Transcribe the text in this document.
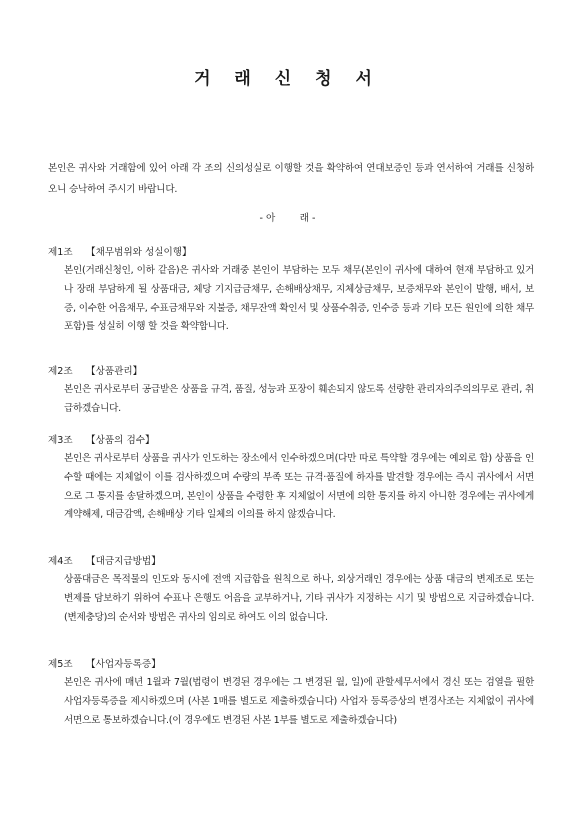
거 래 신 청 서

본인은 귀사와 거래함에 있어 아래 각 조의 신의성실로 이행할 것을 확약하여 연대보증인 등과 연서하여 거래를 신청하오니 승낙하여 주시기 바랍니다.

- 아        래 -

제1조 【채무범위와 성실이행】

본인(거래신청인, 이하 같음)은 귀사와 거래중 본인이 부담하는 모두 채무(본인이 귀사에 대하여 현재 부담하고 있거나 장래 부담하게 될 상품대금, 체당 기지급금채무, 손해배상채무, 지체상금채무, 보증채무와 본인이 발행, 배서, 보증, 이수한 어음채무, 수표금채무와 지불증, 채무잔액 확인서 및 상품수취증, 인수증 등과 기타 모든 원인에 의한 채무 포함)를 성실히 이행 할 것을 확약합니다.

제2조 【상품관리】

본인은 귀사로부터 공급받은 상품을 규격, 품질, 성능과 포장이 훼손되지 않도록 선량한 관리자의주의의무로 관리, 취급하겠습니다.

제3조 【상품의 검수】

본인은 귀사로부터 상품을 귀사가 인도하는 장소에서 인수하겠으며(다만 따로 특약할 경우에는 예외로 함) 상품을 인수할 때에는 지체없이 이를 검사하겠으며 수량의 부족 또는 규격·품질에 하자를 발견할 경우에는 즉시 귀사에서 서면으로 그 통지를 송달하겠으며, 본인이 상품을 수령한 후 지체없이 서면에 의한 통지를 하지 아니한 경우에는 귀사에게 계약해제, 대금감액, 손해배상 기타 일체의 이의를 하지 않겠습니다.

제4조 【대금지급방법】

상품대금은 목적물의 인도와 동시에 전액 지급함을 원칙으로 하나, 외상거래인 경우에는 상품 대금의 변제조로 또는 변제를 담보하기 위하여 수표나 은행도 어음을 교부하거나, 기타 귀사가 지정하는 시기 및 방법으로 지급하겠습니다. (변제충당)의 순서와 방법은 귀사의 임의로 하여도 이의 없습니다.

제5조 【사업자등록증】

본인은 귀사에 매년 1월과 7월(법령이 변경된 경우에는 그 변경된 월, 일)에 관할세무서에서 경신 또는 검열을 필한 사업자등록증을 제시하겠으며 (사본 1매를 별도로 제출하겠습니다) 사업자 등록증상의 변경사조는 지체없이 귀사에 서면으로 통보하겠습니다.(이 경우에도 변경된 사본 1부를 별도로 제출하겠습니다)
